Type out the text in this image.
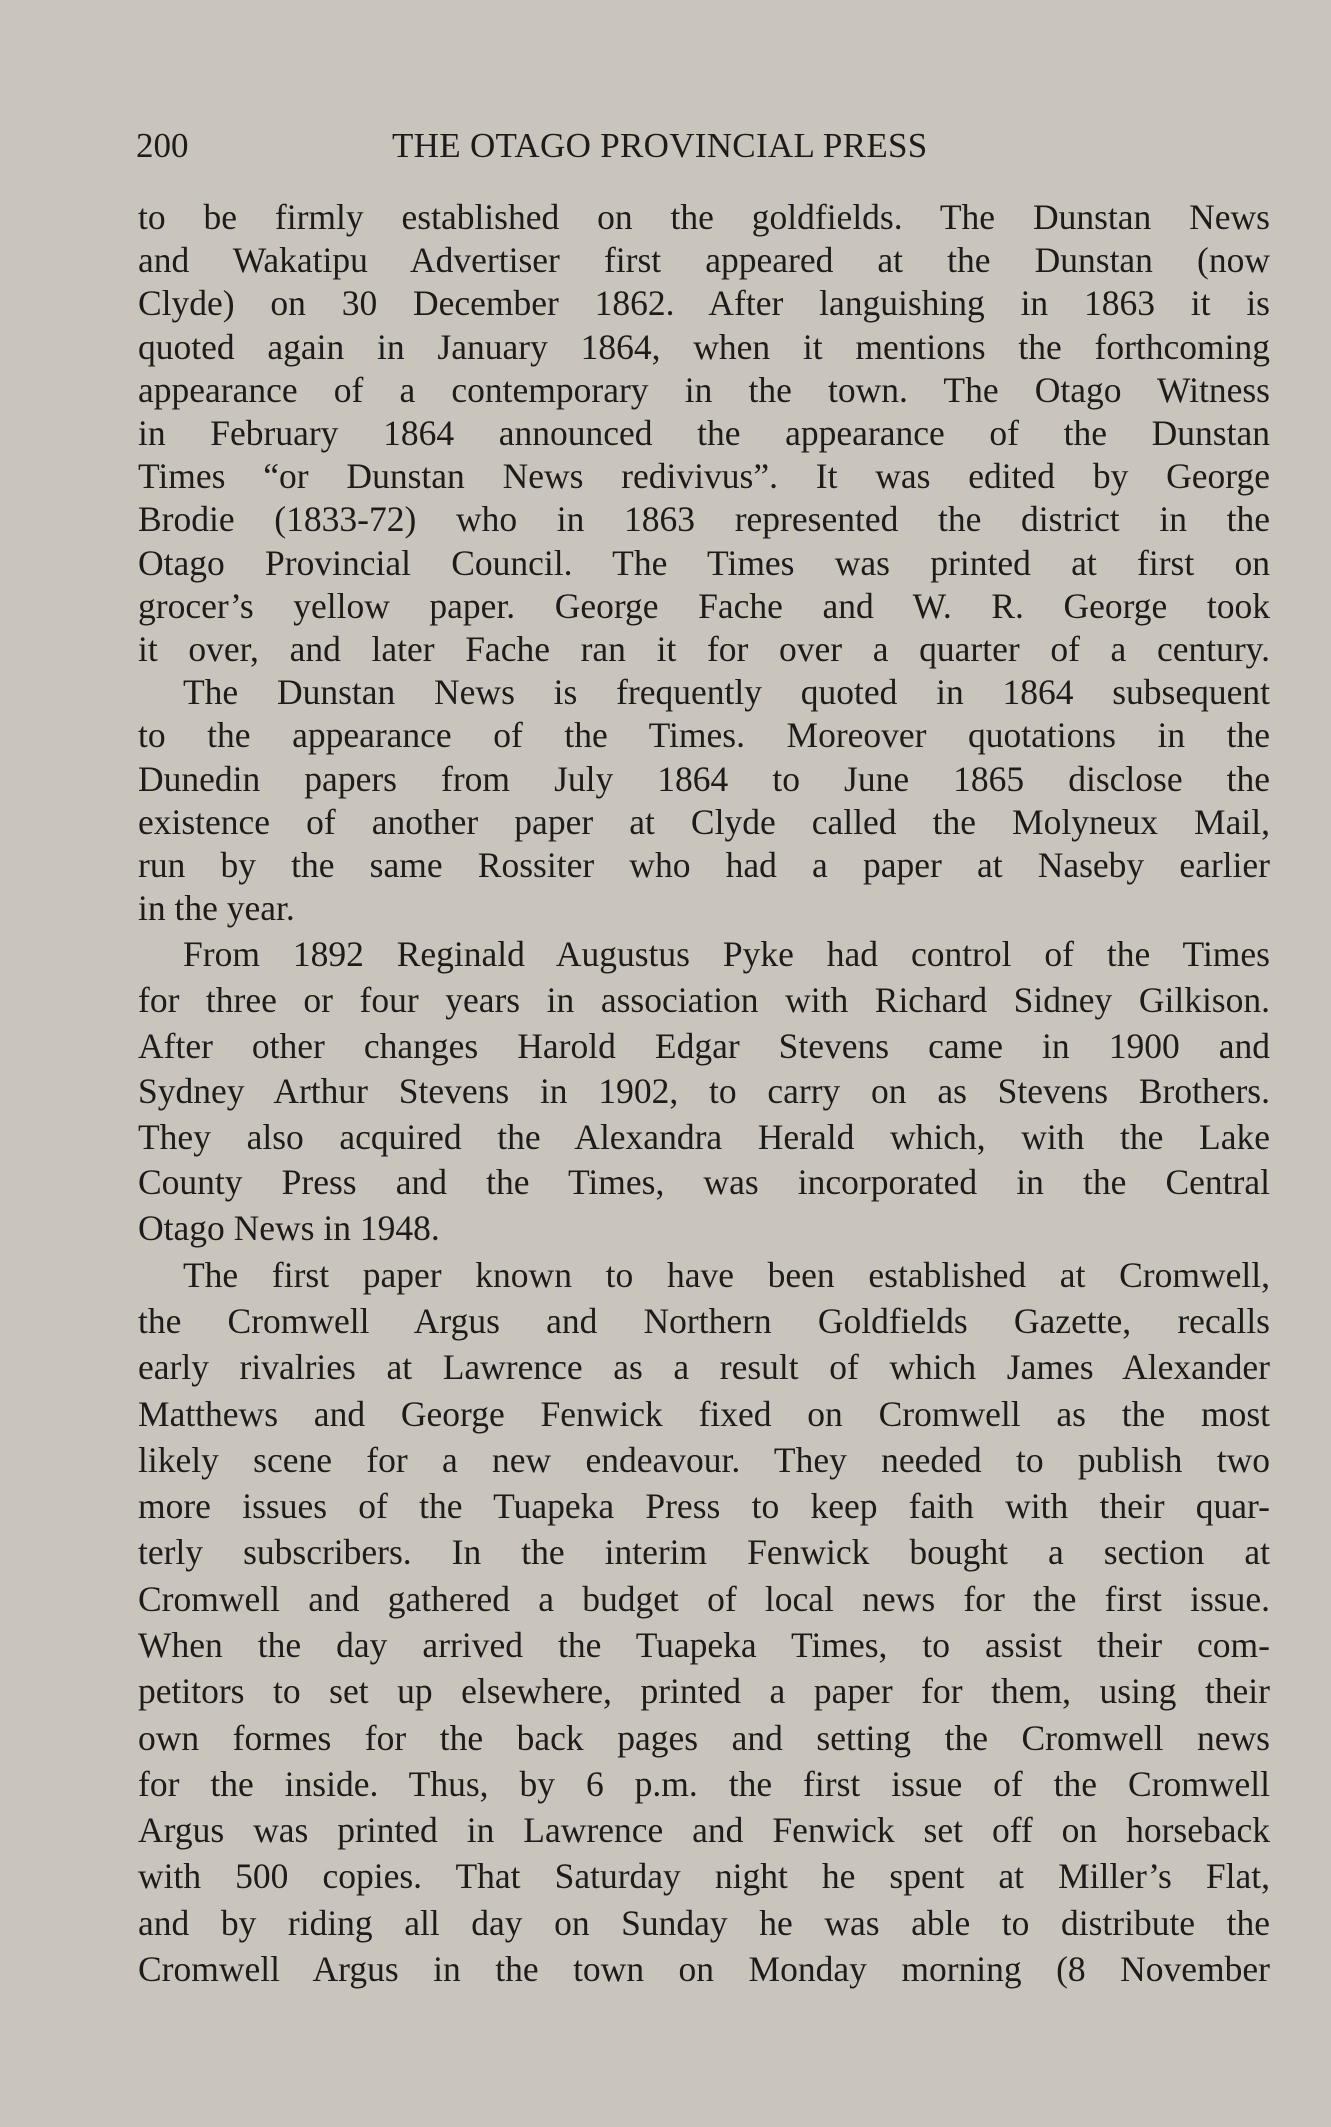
200	THE OTAGO PROVINCIAL PRESS

to be firmly established on the goldfields. The Dunstan News
and Wakatipu Advertiser first appeared at the Dunstan (now
Clyde) on 30 December 1862. After languishing in 1863 it is
quoted again in January 1864, when it mentions the forthcoming
appearance of a contemporary in the town. The Otago Witness
in February 1864 announced the appearance of the Dunstan
Times “or Dunstan News redivivus”. It was edited by George
Brodie (1833-72) who in 1863 represented the district in the
Otago Provincial Council. The Times was printed at first on
grocer’s yellow paper. George Fache and W. R. George took
it over, and later Fache ran it for over a quarter of a century.

The Dunstan News is frequently quoted in 1864 subsequent
to the appearance of the Times. Moreover quotations in the
Dunedin papers from July 1864 to June 1865 disclose the
existence of another paper at Clyde called the Molyneux Mail,
run by the same Rossiter who had a paper at Naseby earlier
in the year.

From 1892 Reginald Augustus Pyke had control of the Times
for three or four years in association with Richard Sidney Gilkison.
After other changes Harold Edgar Stevens came in 1900 and
Sydney Arthur Stevens in 1902, to carry on as Stevens Brothers.
They also acquired the Alexandra Herald which, with the Lake
County Press and the Times, was incorporated in the Central
Otago News in 1948.

The first paper known to have been established at Cromwell,
the Cromwell Argus and Northern Goldfields Gazette, recalls
early rivalries at Lawrence as a result of which James Alexander
Matthews and George Fenwick fixed on Cromwell as the most
likely scene for a new endeavour. They needed to publish two
more issues of the Tuapeka Press to keep faith with their quar-
terly subscribers. In the interim Fenwick bought a section at
Cromwell and gathered a budget of local news for the first issue.
When the day arrived the Tuapeka Times, to assist their com-
petitors to set up elsewhere, printed a paper for them, using their
own formes for the back pages and setting the Cromwell news
for the inside. Thus, by 6 p.m. the first issue of the Cromwell
Argus was printed in Lawrence and Fenwick set off on horseback
with 500 copies. That Saturday night he spent at Miller’s Flat,
and by riding all day on Sunday he was able to distribute the
Cromwell Argus in the town on Monday morning (8 November
